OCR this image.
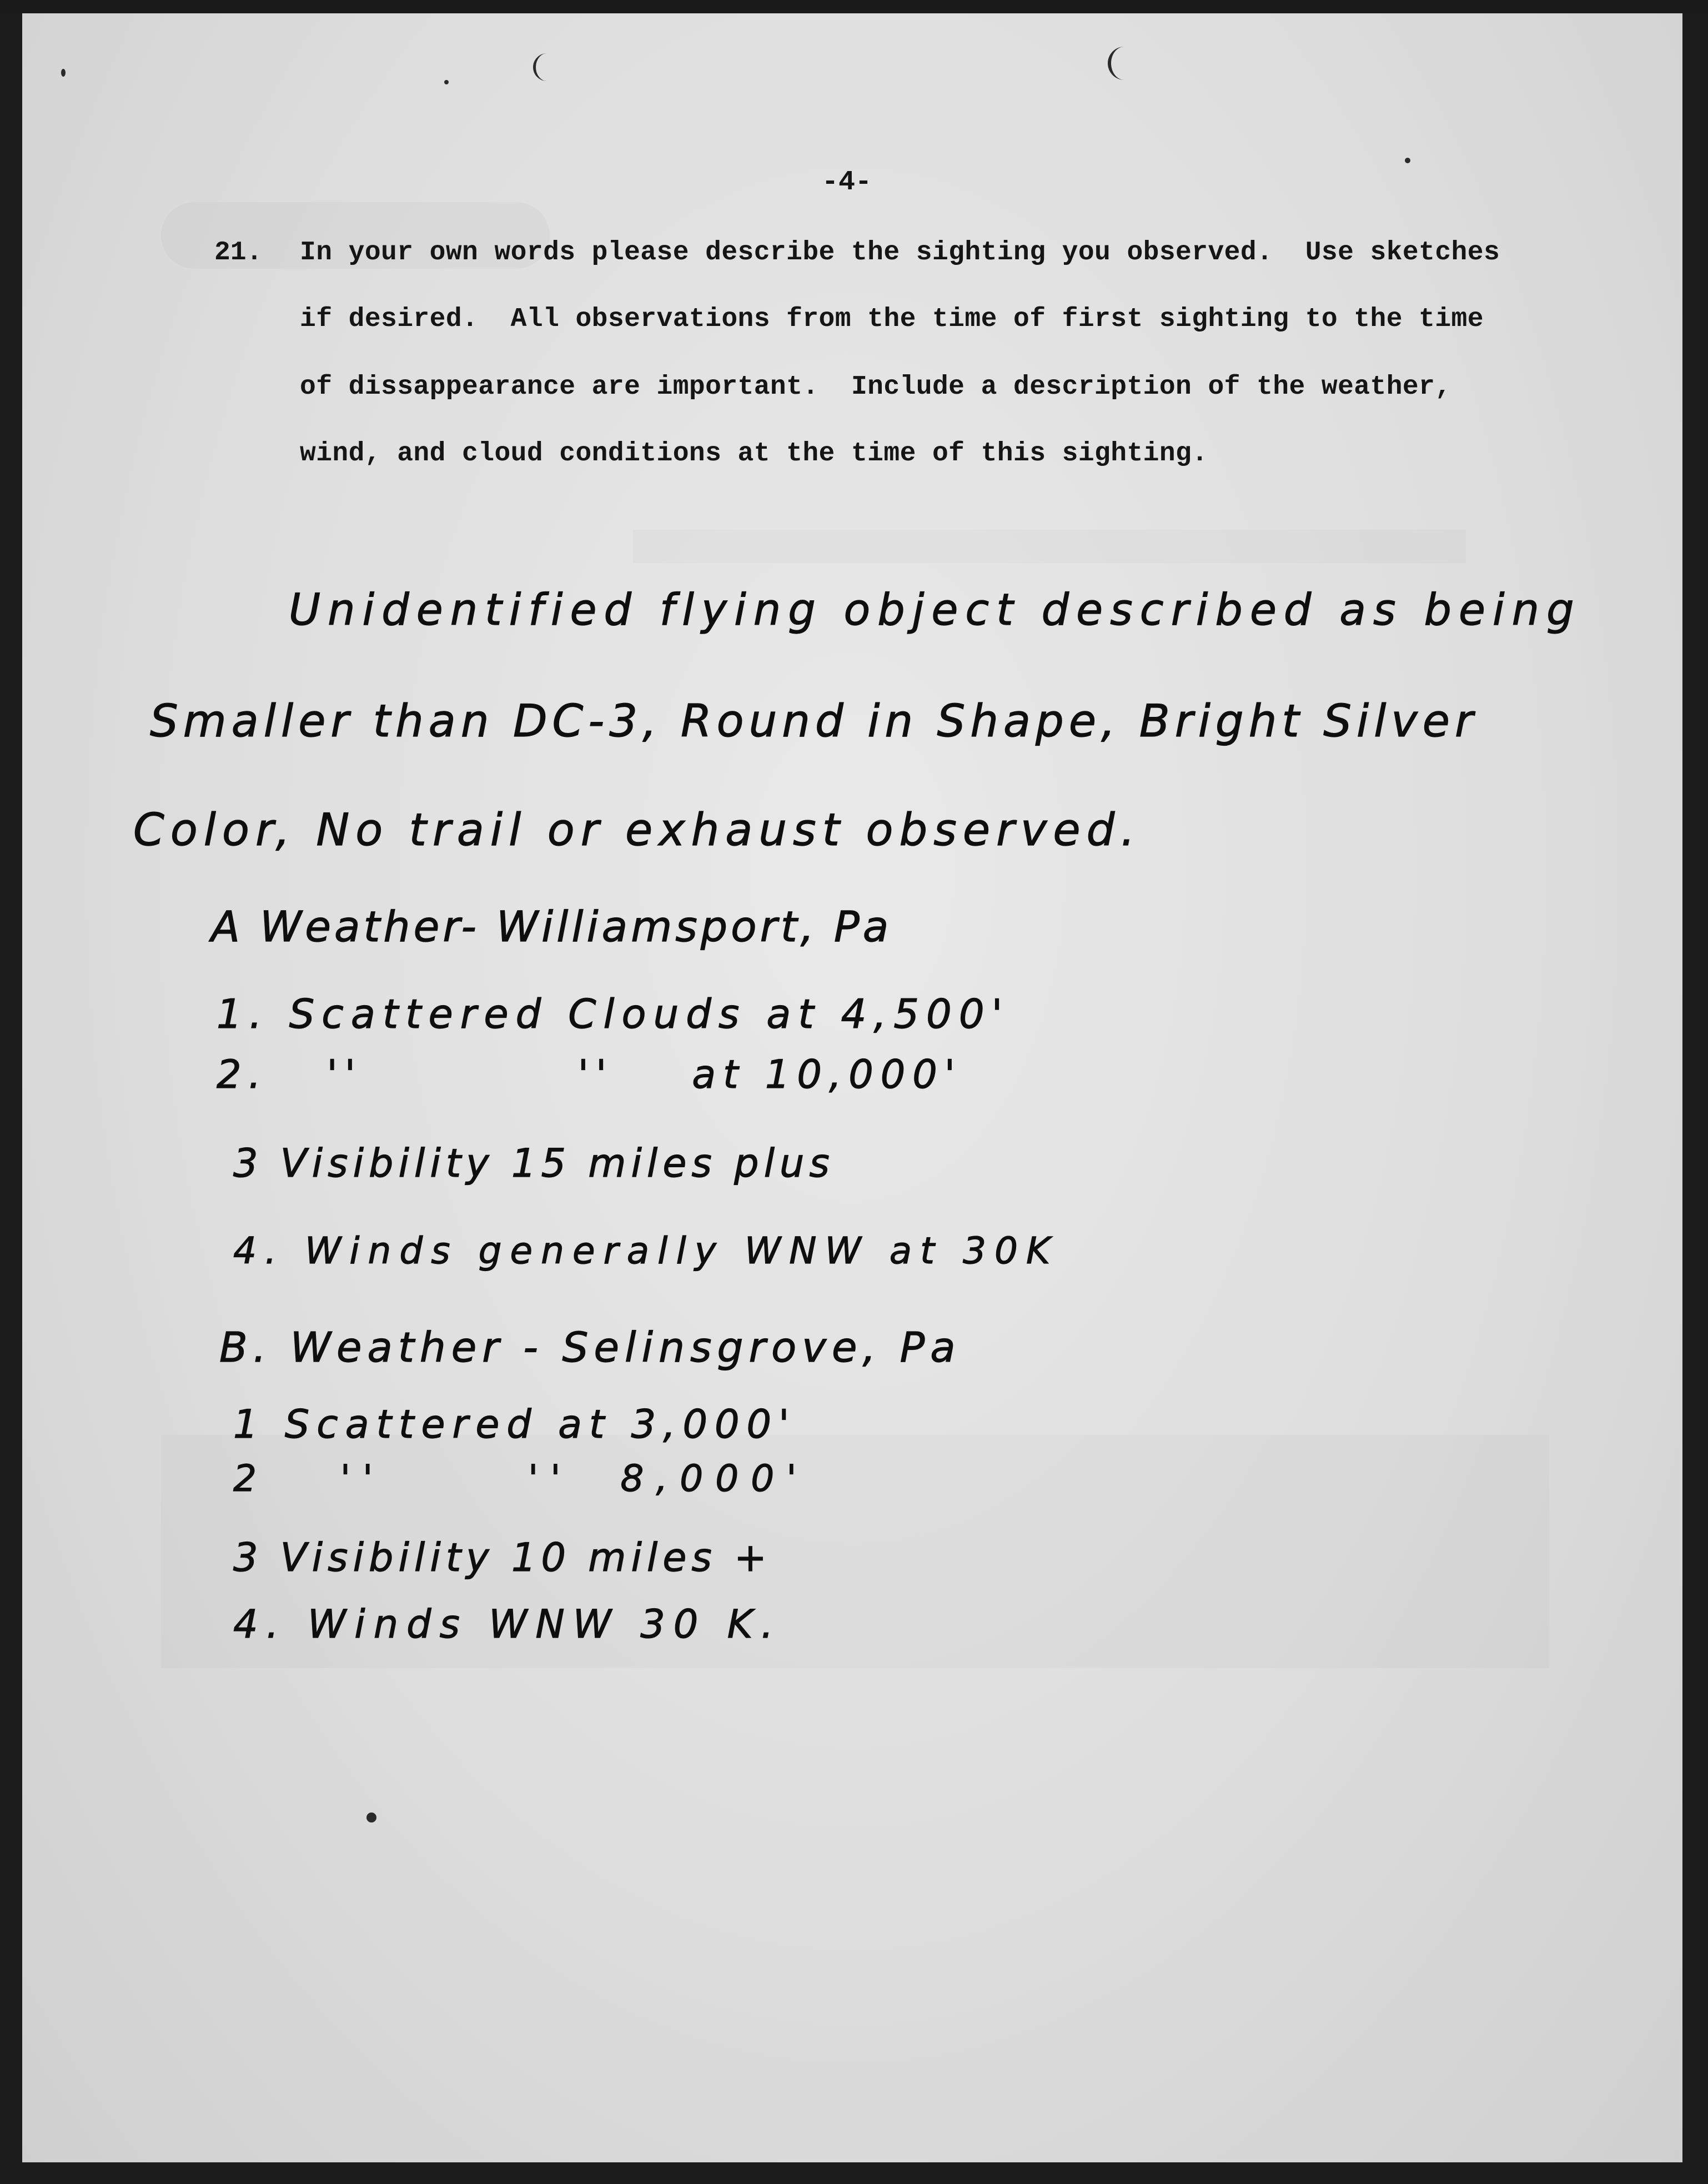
-4-
21. In your own words please describe the sighting you observed.  Use sketches
if desired.  All observations from the time of first sighting to the time
of dissappearance are important.  Include a description of the weather,
wind, and cloud conditions at the time of this sighting.
Unidentified flying object described as being
Smaller than DC-3, Round in Shape, Bright Silver
Color, No trail or exhaust observed.
A Weather- Williamsport, Pa
1. Scattered Clouds at 4,500'
2.   ''           ''    at 10,000'
3 Visibility 15 miles plus
4. Winds generally WNW at 30K
B. Weather - Selinsgrove, Pa
1 Scattered at 3,000'
2   ''      ''  8,000'
3 Visibility 10 miles +
4. Winds WNW 30 K.
